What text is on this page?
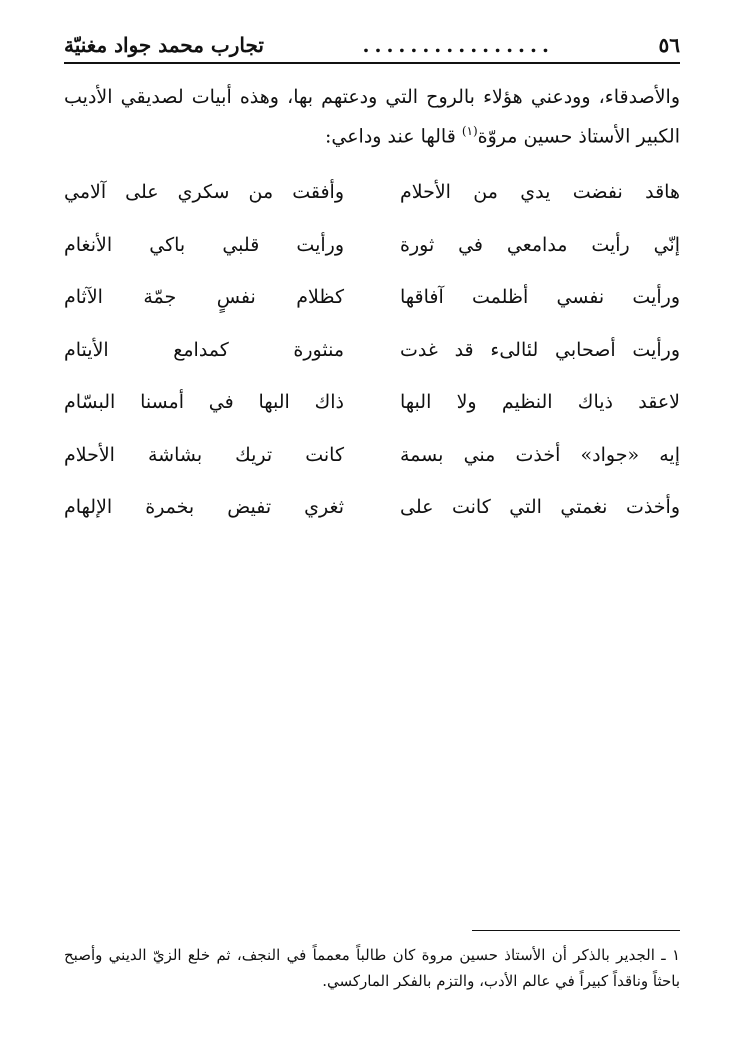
٥٦
................
تجارب محمد جواد مغنيّة

والأصدقاء، وودعني هؤلاء بالروح التي ودعتهم بها، وهذه أبيات لصديقي الأديب الكبير الأستاذ حسين مروّة$^{(١)}$ قالها عند وداعي:

هاقد نفضت يدي من الأحلام
وأفقت من سكري على آلامي
إنّي رأيت مدامعي في ثورة
ورأيت قلبي باكي الأنغام
ورأيت نفسي أظلمت آفاقها
كظلام نفسٍ جمّة الآثام
ورأيت أصحابي لئالىء قد غدت
منثورة كمدامع الأيتام
لاعقد ذياك النظيم ولا البها
ذاك البها في أمسنا البسّام
إيه «جواد» أخذت مني بسمة
كانت تريك بشاشة الأحلام
وأخذت نغمتي التي كانت على
ثغري تفيض بخمرة الإلهام

١ ـ الجدير بالذكر أن الأستاذ حسين مروة كان طالباً معمماً في النجف، ثم خلع الزيّ الديني وأصبح باحثاً وناقداً كبيراً في عالم الأدب، والتزم بالفكر الماركسي.
